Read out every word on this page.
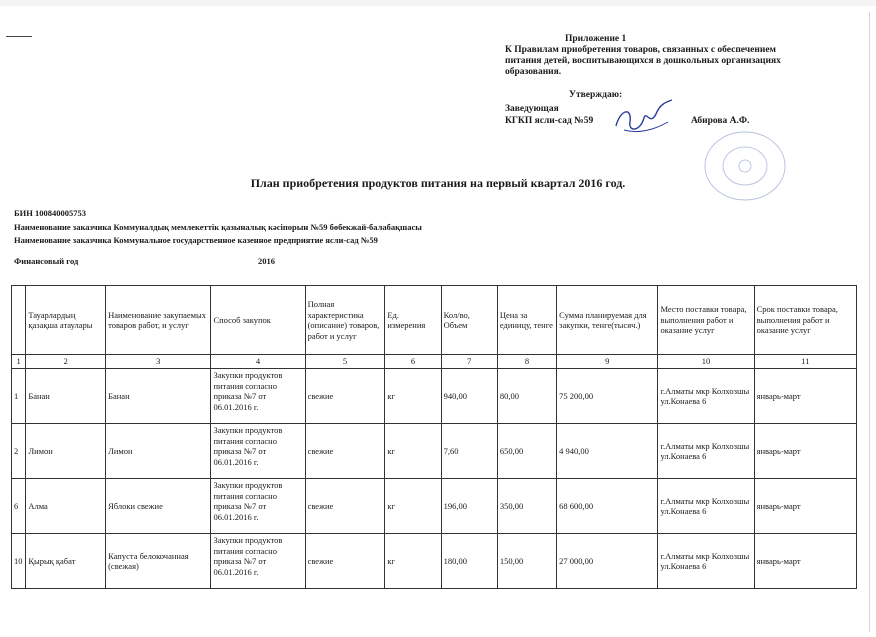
Приложение 1
К Правилам приобретения товаров, связанных с обеспечением
питания детей, воспитывающихся в дошкольных организациях
образования.
Утверждаю:
Заведующая
КГКП ясли-сад №59	Абирова А.Ф.
План приобретения продуктов питания на первый квартал 2016 год.
БИН 100840005753
Наименование заказчика Коммуналдық мемлекеттік қазыналық кәсіпорын №59 бөбекжай-балабақшасы
Наименование заказчика Коммунальное государственное казенное предприятие ясли-сад №59
Финансовый год	2016
	Тауарлардың қазақша атаулары	Наименование закупаемых товаров работ, и услуг	Способ закупок	Полная характеристика (описание) товаров, работ и услуг	Ед. измерения	Кол/во, Объем	Цена за единицу, тенге	Сумма планируемая для закупки, тенге(тысяч.)	Место поставки товара, выполнения работ и оказание услуг	Срок поставки товара, выполнения работ и оказание услуг
1	2	3	4	5	6	7	8	9	10	11
1	Банан	Банан	Закупки продуктов питания согласно приказа №7 от 06.01.2016 г.	свежие	кг	940,00	80,00	75 200,00	г.Алматы мкр Колхозшы ул.Конаева 6	январь-март
2	Лимон	Лимон	Закупки продуктов питания согласно приказа №7 от 06.01.2016 г.	свежие	кг	7,60	650,00	4 940,00	г.Алматы мкр Колхозшы ул.Конаева 6	январь-март
6	Алма	Яблоки свежие	Закупки продуктов питания согласно приказа №7 от 06.01.2016 г.	свежие	кг	196,00	350,00	68 600,00	г.Алматы мкр Колхозшы ул.Конаева 6	январь-март
10	Қырық қабат	Капуста белокочанная (свежая)	Закупки продуктов питания согласно приказа №7 от 06.01.2016 г.	свежие	кг	180,00	150,00	27 000,00	г.Алматы мкр Колхозшы ул.Конаева 6	январь-март
